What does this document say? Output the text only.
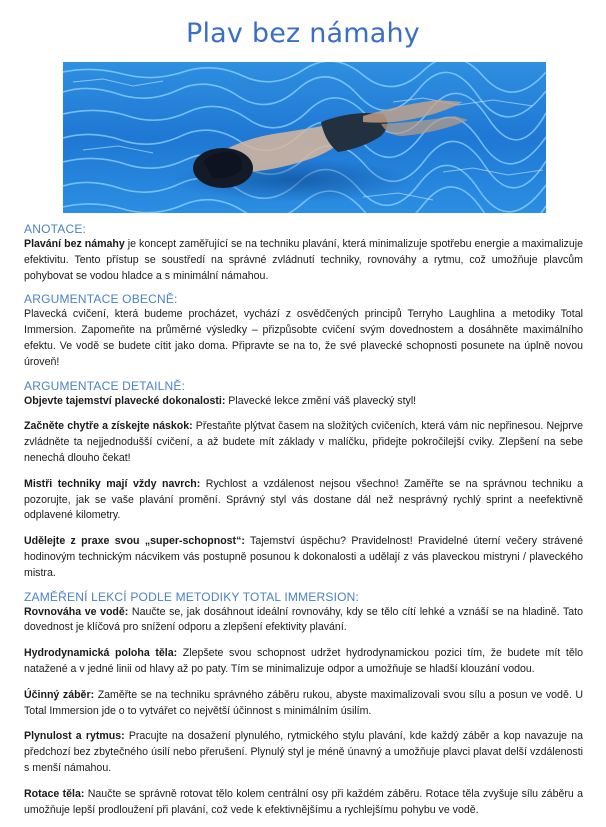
Plav bez námahy
ANOTACE:

Plavání bez námahy je koncept zaměřující se na techniku plavání, která minimalizuje spotřebu energie a maximalizuje efektivitu. Tento přístup se soustředí na správné zvládnutí techniky, rovnováhy a rytmu, což umožňuje plavcům pohybovat se vodou hladce a s minimální námahou.

ARGUMENTACE OBECNĚ:

Plavecká cvičení, která budeme procházet, vychází z osvědčených principů Terryho Laughlina a metodiky Total Immersion. Zapomeňte na průměrné výsledky – přizpůsobte cvičení svým dovednostem a dosáhněte maximálního efektu. Ve vodě se budete cítit jako doma. Připravte se na to, že své plavecké schopnosti posunete na úplně novou úroveň!

ARGUMENTACE DETAILNĚ:

Objevte tajemství plavecké dokonalosti: Plavecké lekce změní váš plavecký styl!

Začněte chytře a získejte náskok: Přestaňte plýtvat časem na složitých cvičeních, která vám nic nepřinesou. Nejprve zvládněte ta nejjednodušší cvičení, a až budete mít základy v malíčku, přidejte pokročilejší cviky. Zlepšení na sebe nenechá dlouho čekat!

Mistři techniky mají vždy navrch: Rychlost a vzdálenost nejsou všechno! Zaměřte se na správnou techniku a pozorujte, jak se vaše plavání promění. Správný styl vás dostane dál než nesprávný rychlý sprint a neefektivně odplavené kilometry.

Udělejte z praxe svou „super-schopnost“: Tajemství úspěchu? Pravidelnost! Pravidelné úterní večery strávené hodinovým technickým nácvikem vás postupně posunou k dokonalosti a udělají z vás plaveckou mistryni / plaveckého mistra.

ZAMĚŘENÍ LEKCÍ PODLE METODIKY TOTAL IMMERSION:

Rovnováha ve vodě: Naučte se, jak dosáhnout ideální rovnováhy, kdy se tělo cítí lehké a vznáší se na hladině. Tato dovednost je klíčová pro snížení odporu a zlepšení efektivity plavání.

Hydrodynamická poloha těla: Zlepšete svou schopnost udržet hydrodynamickou pozici tím, že budete mít tělo natažené a v jedné linii od hlavy až po paty. Tím se minimalizuje odpor a umožňuje se hladší klouzání vodou.

Účinný záběr: Zaměřte se na techniku správného záběru rukou, abyste maximalizovali svou sílu a posun ve vodě. U Total Immersion jde o to vytvářet co největší účinnost s minimálním úsilím.

Plynulost a rytmus: Pracujte na dosažení plynulého, rytmického stylu plavání, kde každý záběr a kop navazuje na předchozí bez zbytečného úsilí nebo přerušení. Plynulý styl je méně únavný a umožňuje plavci plavat delší vzdálenosti s menší námahou.

Rotace těla: Naučte se správně rotovat tělo kolem centrální osy při každém záběru. Rotace těla zvyšuje sílu záběru a umožňuje lepší prodloužení při plavání, což vede k efektivnějšímu a rychlejšímu pohybu ve vodě.
